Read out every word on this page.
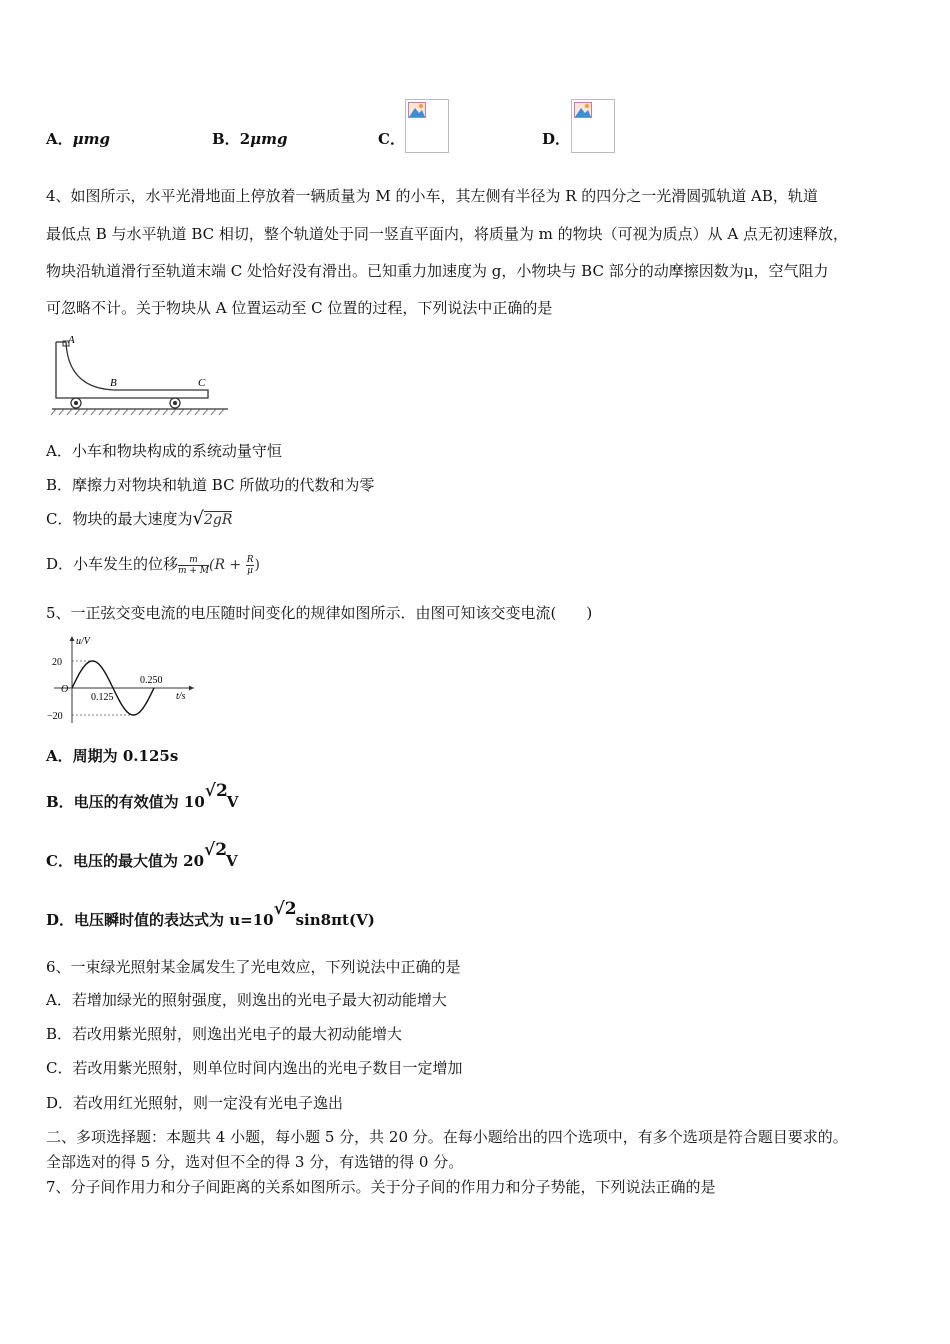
A．μmg	B．2μmg	C．	D．
4、如图所示，水平光滑地面上停放着一辆质量为 M 的小车，其左侧有半径为 R 的四分之一光滑圆弧轨道 AB，轨道
最低点 B 与水平轨道 BC 相切，整个轨道处于同一竖直平面内，将质量为 m 的物块（可视为质点）从 A 点无初速释放，
物块沿轨道滑行至轨道末端 C 处恰好没有滑出。已知重力加速度为 g，小物块与 BC 部分的动摩擦因数为μ，空气阻力
可忽略不计。关于物块从 A 位置运动至 C 位置的过程，下列说法中正确的是
A
B	C
A．小车和物块构成的系统动量守恒
B．摩擦力对物块和轨道 BC 所做功的代数和为零
C．物块的最大速度为√2gR
D．小车发生的位移 $\frac{m}{m + M} (R + \frac{R}{\mu}$ )
5、一正弦交变电流的电压随时间变化的规律如图所示．由图可知该交变电流(　　)
u/V
t/s
O
20
−20
0.125
0.250
A．周期为 0.125s
B．电压的有效值为 10
√2
V
C．电压的最大值为 20
√2
V
D．电压瞬时值的表达式为 u=10
√2
sin8πt(V)
6、一束绿光照射某金属发生了光电效应，下列说法中正确的是
A．若增加绿光的照射强度，则逸出的光电子最大初动能增大
B．若改用紫光照射，则逸出光电子的最大初动能增大
C．若改用紫光照射，则单位时间内逸出的光电子数目一定增加
D．若改用红光照射，则一定没有光电子逸出
二、多项选择题：本题共 4 小题，每小题 5 分，共 20 分。在每小题给出的四个选项中，有多个选项是符合题目要求的。
全部选对的得 5 分，选对但不全的得 3 分，有选错的得 0 分。
7、分子间作用力和分子间距离的关系如图所示。关于分子间的作用力和分子势能，下列说法正确的是
